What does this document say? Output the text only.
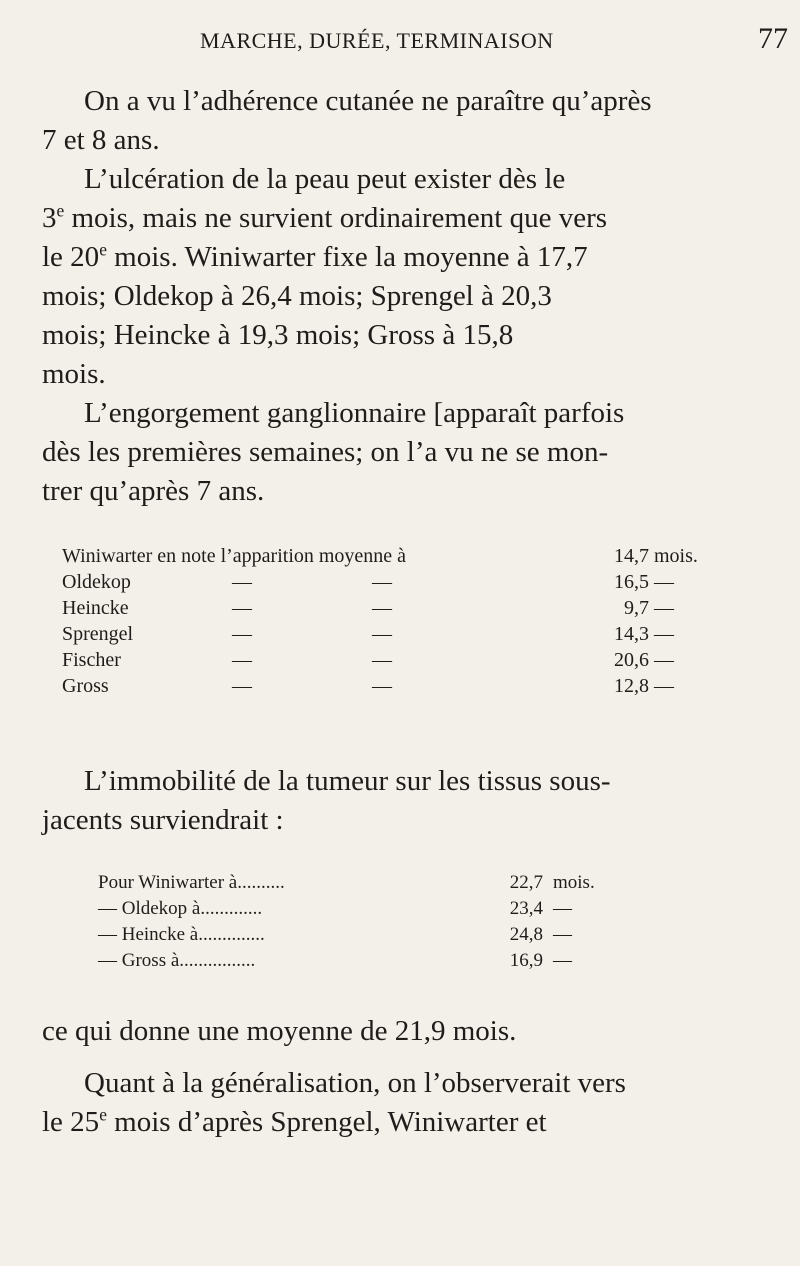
MARCHE, DURÉE, TERMINAISON	77
On a vu l’adhérence cutanée ne paraître qu’après
7 et 8 ans.
L’ulcération de la peau peut exister dès le
3e mois, mais ne survient ordinairement que vers
le 20e mois. Winiwarter fixe la moyenne à 17,7
mois; Oldekop à 26,4 mois; Sprengel à 20,3
mois; Heincke à 19,3 mois; Gross à 15,8
mois.
L’engorgement ganglionnaire [apparaît parfois
dès les premières semaines; on l’a vu ne se mon-
trer qu’après 7 ans.
Winiwarter en note l’apparition moyenne à	14,7 mois.
Oldekop	—	—	16,5 —
Heincke	—	—	9,7 —
Sprengel	—	—	14,3 —
Fischer	—	—	20,6 —
Gross	—	—	12,8 —
L’immobilité de la tumeur sur les tissus sous-
jacents surviendrait :
Pour Winiwarter à..........	22,7 mois.
— Oldekop à.............	23,4 —
— Heincke à..............	24,8 —
— Gross à................	16,9 —
ce qui donne une moyenne de 21,9 mois.
Quant à la généralisation, on l’observerait vers
le 25e mois d’après Sprengel, Winiwarter et
